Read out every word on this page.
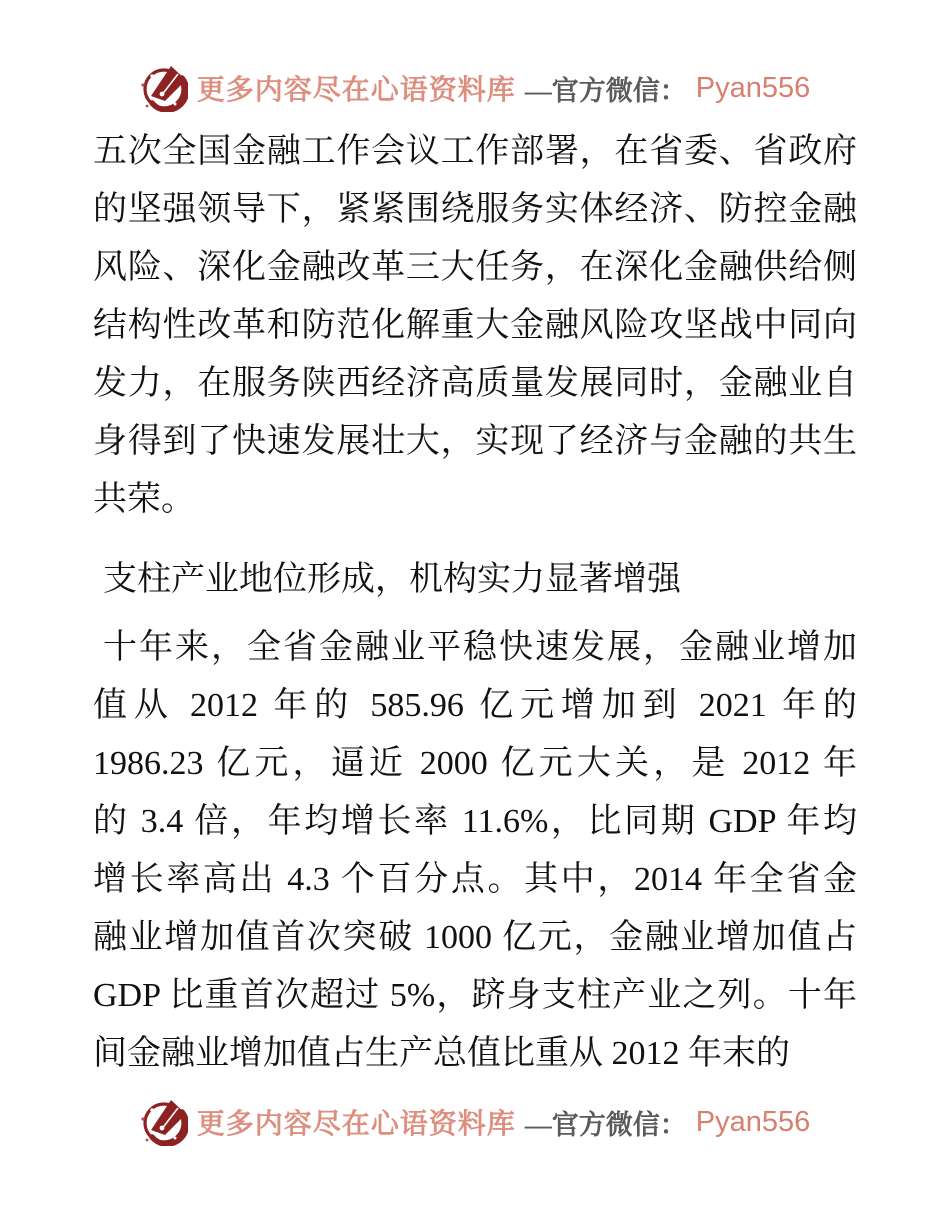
更多内容尽在心语资料库 —官方微信： Pyan556
五次全国金融工作会议工作部署，在省委、省政府
的坚强领导下，紧紧围绕服务实体经济、防控金融
风险、深化金融改革三大任务，在深化金融供给侧
结构性改革和防范化解重大金融风险攻坚战中同向
发力，在服务陕西经济高质量发展同时，金融业自
身得到了快速发展壮大，实现了经济与金融的共生
共荣。
支柱产业地位形成，机构实力显著增强
十年来，全省金融业平稳快速发展，金融业增加
值从 2012 年的 585.96 亿元增加到 2021 年的
1986.23 亿元，逼近 2000 亿元大关，是 2012 年
的 3.4 倍，年均增长率 11.6%，比同期 GDP 年均
增长率高出 4.3 个百分点。其中，2014 年全省金
融业增加值首次突破 1000 亿元，金融业增加值占
GDP 比重首次超过 5%，跻身支柱产业之列。十年
间金融业增加值占生产总值比重从 2012 年末的
更多内容尽在心语资料库 —官方微信： Pyan556
